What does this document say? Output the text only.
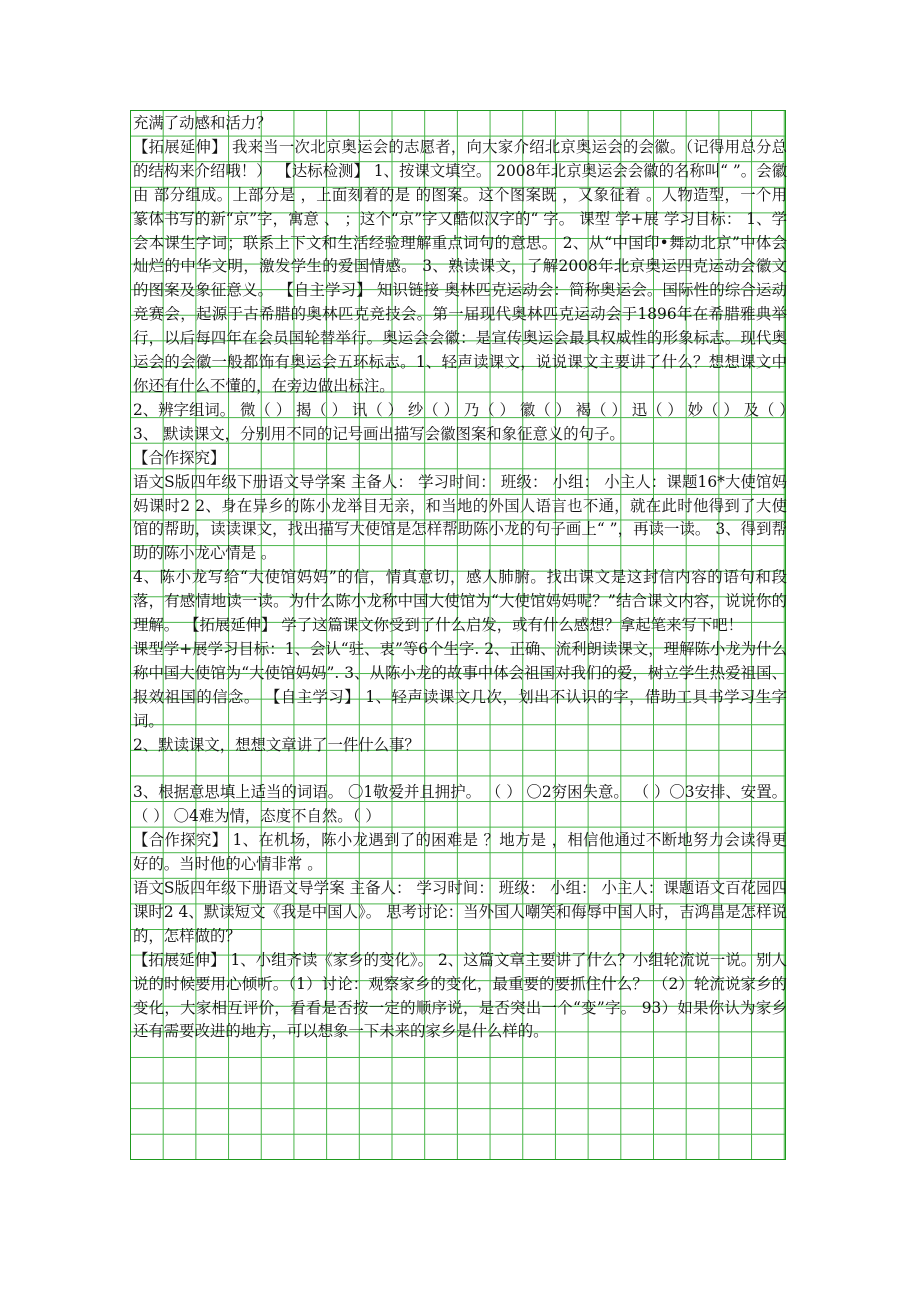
充满了动感和活力？

【拓展延伸】 我来当一次北京奥运会的志愿者，向大家介绍北京奥运会的会徽。（记得用总分总的结构来介绍哦！） 【达标检测】 1、按课文填空。 2008年北京奥运会会徽的名称叫“ ”。会徽由 部分组成。上部分是 ，上面刻着的是 的图案。这个图案既 ，又象征着 。人物造型，一个用篆体书写的新“京”字，寓意 、 ；这个“京”字又酷似汉字的“ 字。 课型 学+展 学习目标： 1、学会本课生字词；联系上下文和生活经验理解重点词句的意思。 2、从“中国印•舞动北京”中体会灿烂的中华文明，激发学生的爱国情感。 3、熟读课文，了解2008年北京奥运四克运动会徽文的图案及象征意义。 【自主学习】 知识链接 奥林匹克运动会：简称奥运会。国际性的综合运动竞赛会，起源于古希腊的奥林匹克竞技会。第一届现代奥林匹克运动会于1896年在希腊雅典举行，以后每四年在会员国轮替举行。奥运会会徽：是宣传奥运会最具权威性的形象标志。现代奥运会的会徽一般都饰有奥运会五环标志。1、轻声读课文，说说课文主要讲了什么？想想课文中你还有什么不懂的，在旁边做出标注。

2、辨字组词。 微（ ） 揭（ ） 讯（ ） 纱（ ） 乃（ ） 徽（ ） 褐（ ） 迅（ ） 妙（ ） 及（ ）

3、 默读课文，分别用不同的记号画出描写会徽图案和象征意义的句子。

【合作探究】

语文S版四年级下册语文导学案 主备人： 学习时间： 班级： 小组： 小主人：课题16*大使馆妈妈课时2 2、身在异乡的陈小龙举目无亲，和当地的外国人语言也不通，就在此时他得到了大使馆的帮助，读读课文，找出描写大使馆是怎样帮助陈小龙的句子画上“ ”，再读一读。 3、得到帮助的陈小龙心情是 。

4、陈小龙写给“大使馆妈妈”的信，情真意切，感人肺腑。找出课文是这封信内容的语句和段落，有感情地读一读。为什么陈小龙称中国大使馆为“大使馆妈妈呢？”结合课文内容，说说你的理解。 【拓展延伸】 学了这篇课文你受到了什么启发，或有什么感想？拿起笔来写下吧！

课型学+展学习目标：1、会认“驻、衷”等6个生字. 2、正确、流利朗读课文，理解陈小龙为什么称中国大使馆为“大使馆妈妈”. 3、从陈小龙的故事中体会祖国对我们的爱，树立学生热爱祖国、报效祖国的信念。 【自主学习】 1、轻声读课文几次，划出不认识的字，借助工具书学习生字词。

2、默读课文，想想文章讲了一件什么事？

3、根据意思填上适当的词语。 〇1敬爱并且拥护。 （ ） 〇2穷困失意。 （ ）〇3安排、安置。 （ ） 〇4难为情，态度不自然。（ ）

【合作探究】 1、在机场，陈小龙遇到了的困难是 ？地方是 ，相信他通过不断地努力会读得更好的。当时他的心情非常 。

语文S版四年级下册语文导学案 主备人： 学习时间： 班级： 小组： 小主人：课题语文百花园四课时2 4、默读短文《我是中国人》。 思考讨论：当外国人嘲笑和侮辱中国人时，吉鸿昌是怎样说的，怎样做的？

【拓展延伸】 1、小组齐读《家乡的变化》。 2、这篇文章主要讲了什么？小组轮流说一说。别人说的时候要用心倾听。（1）讨论：观察家乡的变化，最重要的要抓住什么？ （2）轮流说家乡的变化，大家相互评价，看看是否按一定的顺序说，是否突出一个“变”字。 93）如果你认为家乡还有需要改进的地方，可以想象一下未来的家乡是什么样的。
